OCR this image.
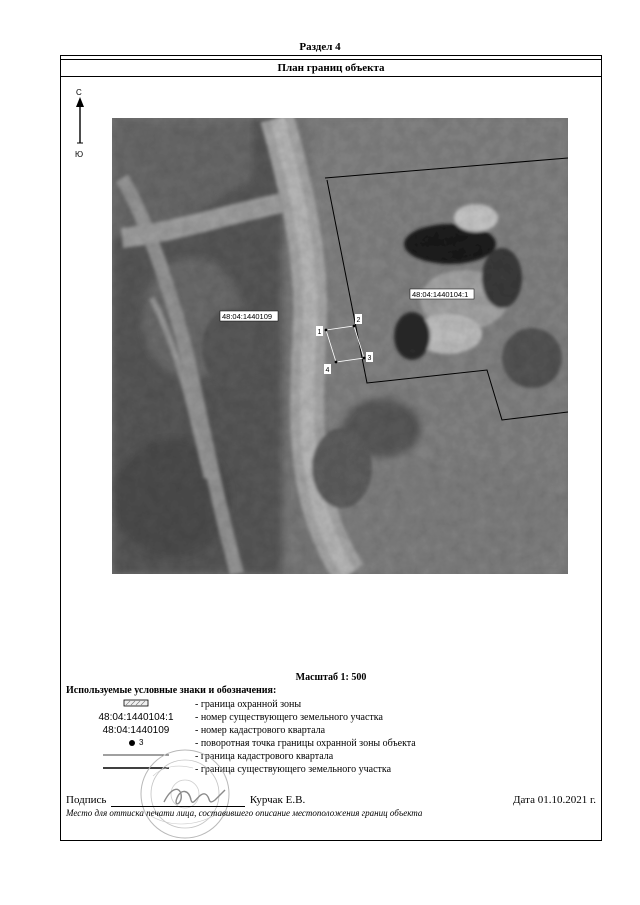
Раздел 4
План границ объекта
С
Ю
1
2
3
4
48:04:1440109
48:04:1440104:1
Масштаб 1: 500
Используемые условные знаки и обозначения:
- граница охранной зоны
48:04:1440104:1	- номер существующего земельного участка
48:04:1440109	- номер кадастрового квартала
$^3$	- поворотная точка границы охранной зоны объекта
- граница кадастрового квартала
- граница существующего земельного участка
Подпись	Курчак Е.В.	Дата 01.10.2021 г.
Место для оттиска печати лица, составившего описание местоположения границ объекта
